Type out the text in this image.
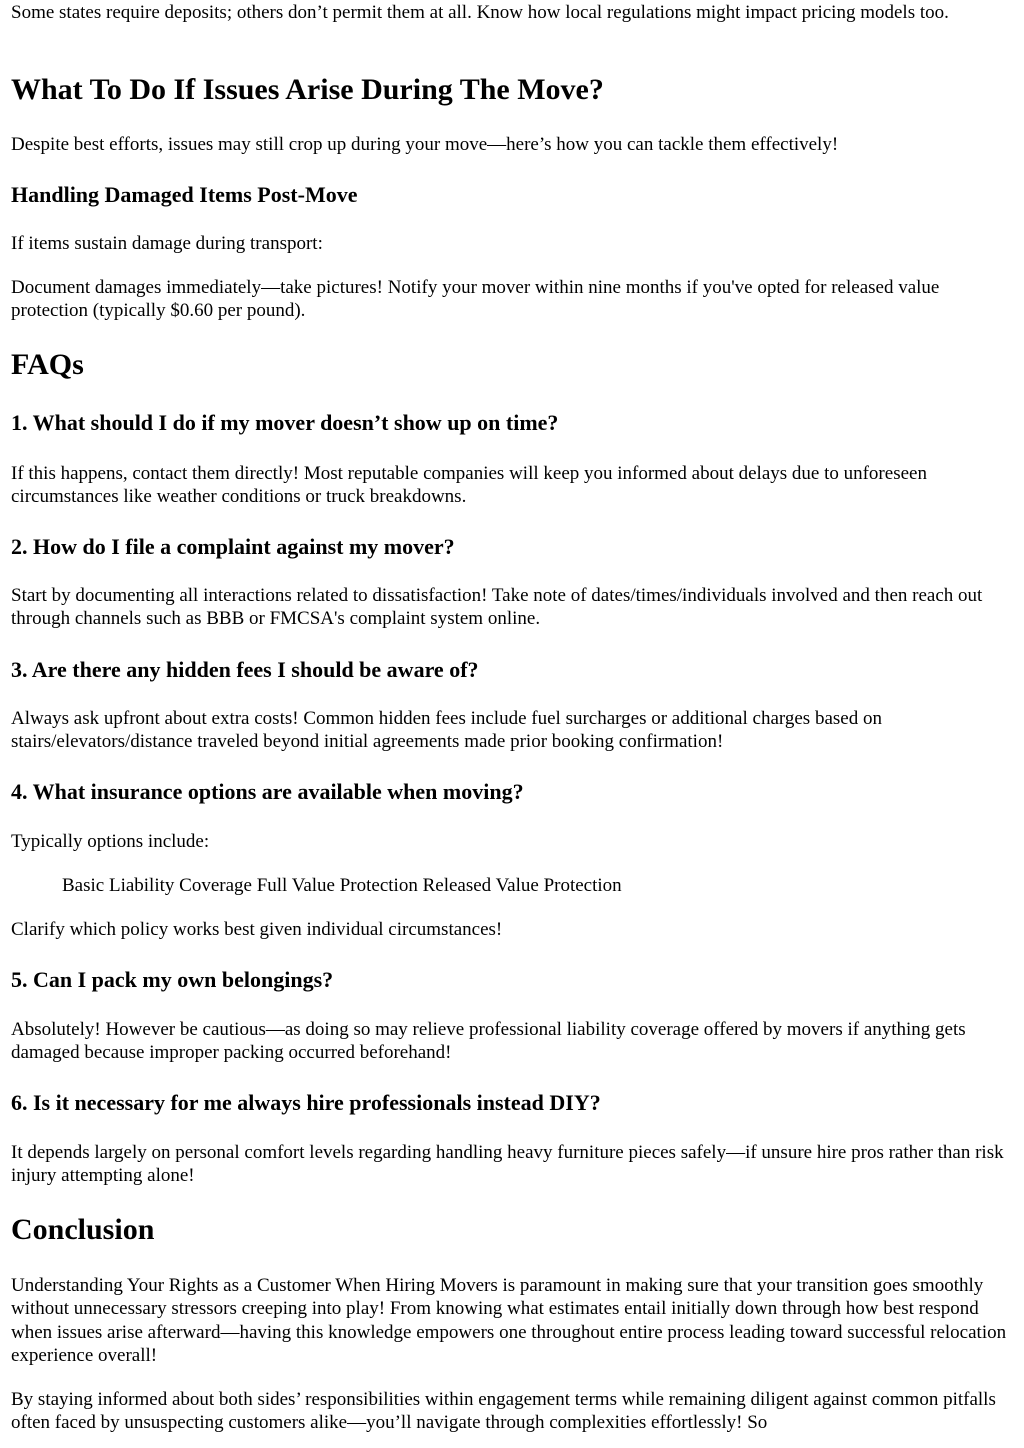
Some states require deposits; others don’t permit them at all. Know how local regulations might impact pricing models too.

What To Do If Issues Arise During The Move?

Despite best efforts, issues may still crop up during your move—here’s how you can tackle them effectively!

Handling Damaged Items Post-Move

If items sustain damage during transport:

Document damages immediately—take pictures! Notify your mover within nine months if you've opted for released value protection (typically $0.60 per pound).

FAQs
1. What should I do if my mover doesn’t show up on time?

If this happens, contact them directly! Most reputable companies will keep you informed about delays due to unforeseen circumstances like weather conditions or truck breakdowns.

2. How do I file a complaint against my mover?

Start by documenting all interactions related to dissatisfaction! Take note of dates/times/individuals involved and then reach out through channels such as BBB or FMCSA's complaint system online.

3. Are there any hidden fees I should be aware of?

Always ask upfront about extra costs! Common hidden fees include fuel surcharges or additional charges based on stairs/elevators/distance traveled beyond initial agreements made prior booking confirmation!

4. What insurance options are available when moving?

Typically options include:

Basic Liability Coverage Full Value Protection Released Value Protection

Clarify which policy works best given individual circumstances!

5. Can I pack my own belongings?

Absolutely! However be cautious—as doing so may relieve professional liability coverage offered by movers if anything gets damaged because improper packing occurred beforehand!

6. Is it necessary for me always hire professionals instead DIY?

It depends largely on personal comfort levels regarding handling heavy furniture pieces safely—if unsure hire pros rather than risk injury attempting alone!

Conclusion

Understanding Your Rights as a Customer When Hiring Movers is paramount in making sure that your transition goes smoothly without unnecessary stressors creeping into play! From knowing what estimates entail initially down through how best respond when issues arise afterward—having this knowledge empowers one throughout entire process leading toward successful relocation experience overall!

By staying informed about both sides’ responsibilities within engagement terms while remaining diligent against common pitfalls often faced by unsuspecting customers alike—you’ll navigate through complexities effortlessly! So
